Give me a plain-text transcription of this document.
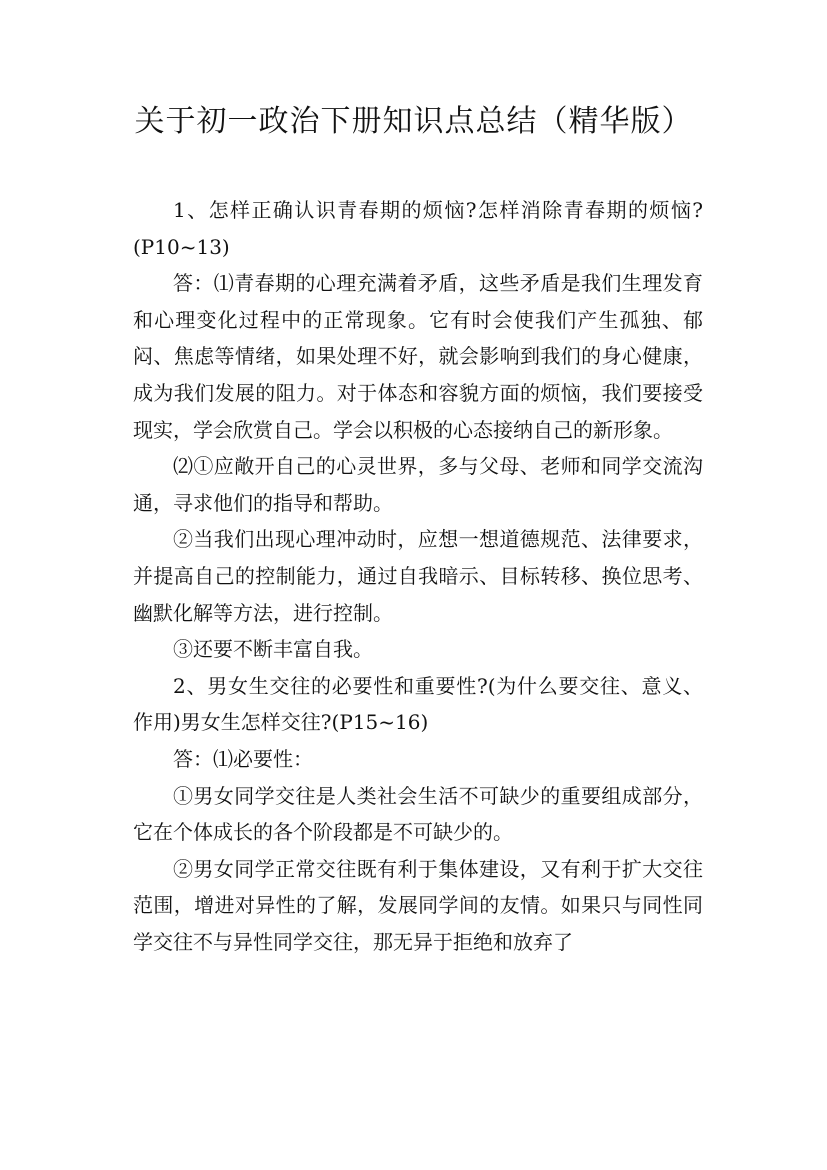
关于初一政治下册知识点总结（精华版）

1、怎样正确认识青春期的烦恼?怎样消除青春期的烦恼?(P10~13)

答：⑴青春期的心理充满着矛盾，这些矛盾是我们生理发育和心理变化过程中的正常现象。它有时会使我们产生孤独、郁闷、焦虑等情绪，如果处理不好，就会影响到我们的身心健康，成为我们发展的阻力。对于体态和容貌方面的烦恼，我们要接受现实，学会欣赏自己。学会以积极的心态接纳自己的新形象。

⑵①应敞开自己的心灵世界，多与父母、老师和同学交流沟通，寻求他们的指导和帮助。

②当我们出现心理冲动时，应想一想道德规范、法律要求，并提高自己的控制能力，通过自我暗示、目标转移、换位思考、幽默化解等方法，进行控制。

③还要不断丰富自我。

2、男女生交往的必要性和重要性?(为什么要交往、意义、作用)男女生怎样交往?(P15~16)

答：⑴必要性：

①男女同学交往是人类社会生活不可缺少的重要组成部分，它在个体成长的各个阶段都是不可缺少的。

②男女同学正常交往既有利于集体建设，又有利于扩大交往范围，增进对异性的了解，发展同学间的友情。如果只与同性同学交往不与异性同学交往，那无异于拒绝和放弃了
